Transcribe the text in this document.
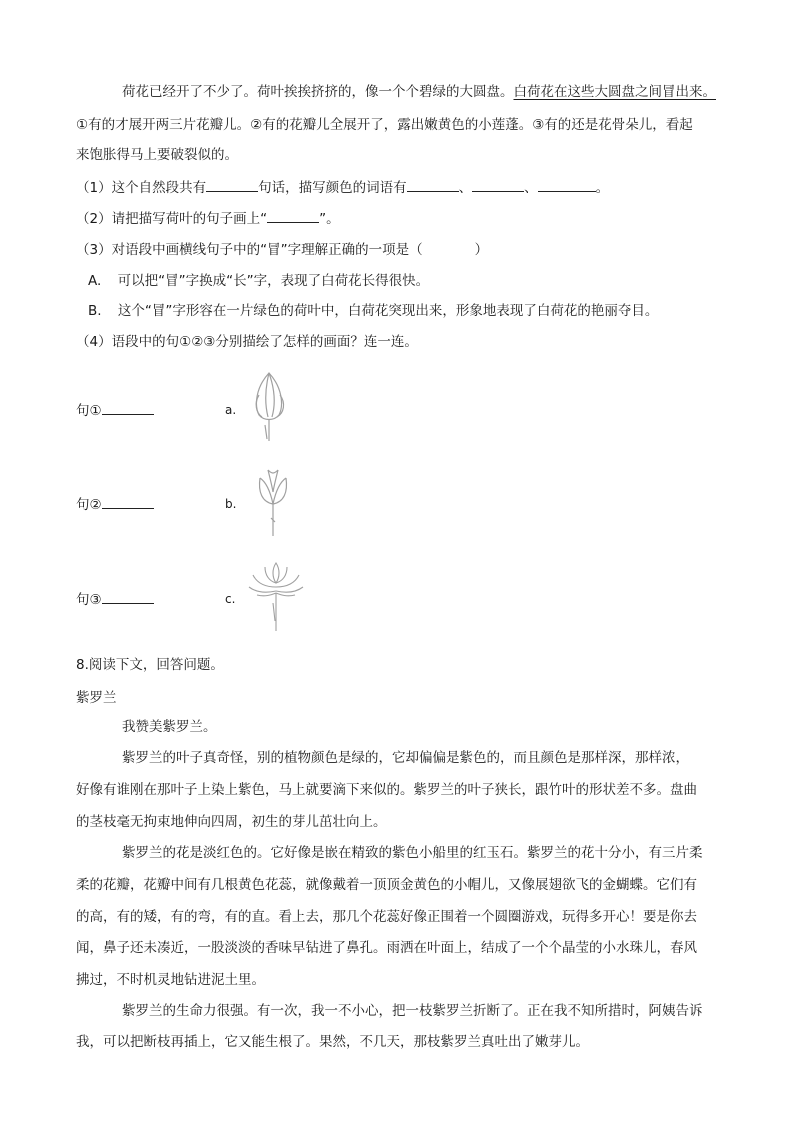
荷花已经开了不少了。荷叶挨挨挤挤的，像一个个碧绿的大圆盘。白荷花在这些大圆盘之间冒出来。
①有的才展开两三片花瓣儿。②有的花瓣儿全展开了，露出嫩黄色的小莲蓬。③有的还是花骨朵儿，看起
来饱胀得马上要破裂似的。
（1）这个自然段共有	句话，描写颜色的词语有	、	、	。
（2）请把描写荷叶的句子画上“	”。
（3）对语段中画横线句子中的“冒”字理解正确的一项是（	）
A. 可以把“冒”字换成“长”字，表现了白荷花长得很快。
B. 这个“冒”字形容在一片绿色的荷叶中，白荷花突现出来，形象地表现了白荷花的艳丽夺目。
（4）语段中的句①②③分别描绘了怎样的画面？连一连。
句①	a.
句②	b.
句③	c.
8.阅读下文，回答问题。
紫罗兰
我赞美紫罗兰。
紫罗兰的叶子真奇怪，别的植物颜色是绿的，它却偏偏是紫色的，而且颜色是那样深，那样浓，
好像有谁刚在那叶子上染上紫色，马上就要滴下来似的。紫罗兰的叶子狭长，跟竹叶的形状差不多。盘曲
的茎枝毫无拘束地伸向四周，初生的芽儿茁壮向上。
紫罗兰的花是淡红色的。它好像是嵌在精致的紫色小船里的红玉石。紫罗兰的花十分小，有三片柔
柔的花瓣，花瓣中间有几根黄色花蕊，就像戴着一顶顶金黄色的小帽儿，又像展翅欲飞的金蝴蝶。它们有
的高，有的矮，有的弯，有的直。看上去，那几个花蕊好像正围着一个圆圈游戏，玩得多开心！要是你去
闻，鼻子还未凑近，一股淡淡的香味早钻进了鼻孔。雨洒在叶面上，结成了一个个晶莹的小水珠儿，春风
拂过，不时机灵地钻进泥土里。
紫罗兰的生命力很强。有一次，我一不小心，把一枝紫罗兰折断了。正在我不知所措时，阿姨告诉
我，可以把断枝再插上，它又能生根了。果然，不几天，那枝紫罗兰真吐出了嫩芽儿。
